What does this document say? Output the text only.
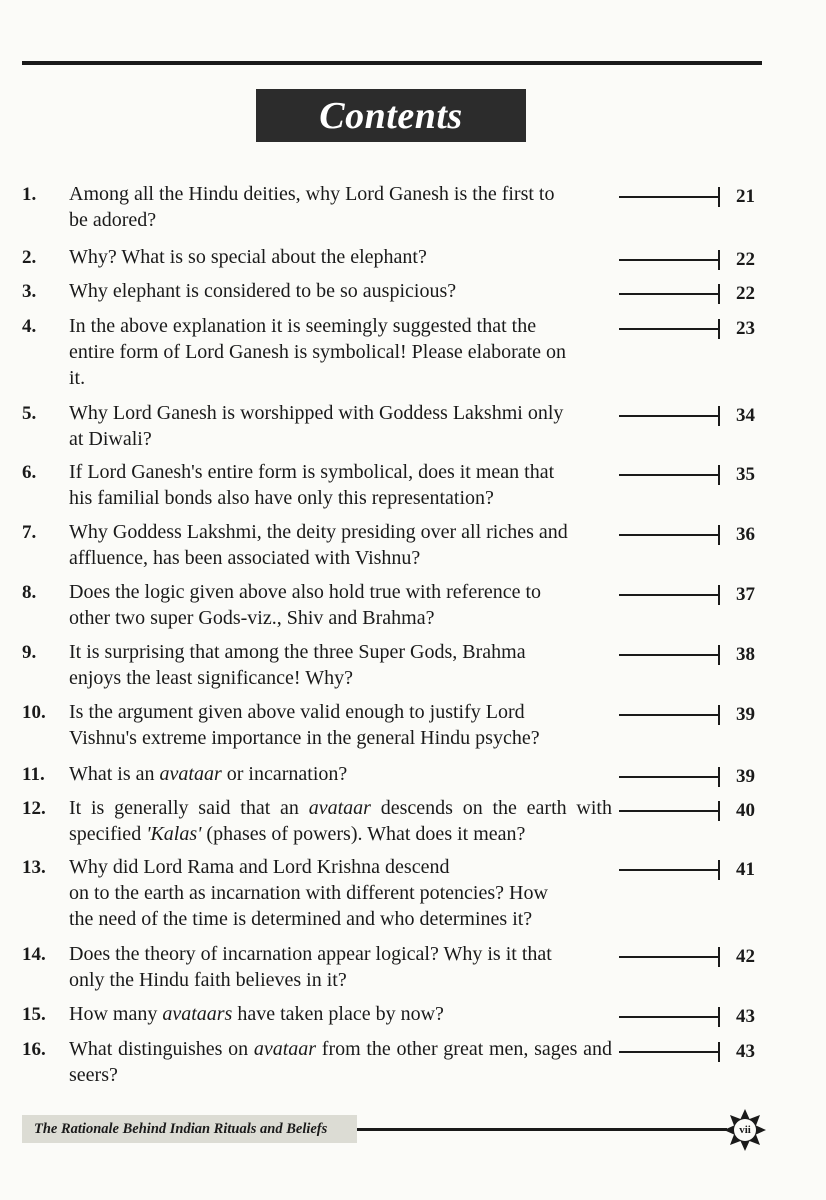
Contents
1.	Among all the Hindu deities, why Lord Ganesh is the first to
be adored?
21
2.	Why? What is so special about the elephant?	22
3.	Why elephant is considered to be so auspicious?	22
4.	In the above explanation it is seemingly suggested that the
entire form of Lord Ganesh is symbolical! Please elaborate on
it.
23
5.	Why Lord Ganesh is worshipped with Goddess Lakshmi only
at Diwali?
34
6.	If Lord Ganesh's entire form is symbolical, does it mean that
his familial bonds also have only this representation?
35
7.	Why Goddess Lakshmi, the deity presiding over all riches and
affluence, has been associated with Vishnu?
36
8.	Does the logic given above also hold true with reference to
other two super Gods-viz., Shiv and Brahma?
37
9.	It is surprising that among the three Super Gods, Brahma
enjoys the least significance! Why?
38
10.	Is the argument given above valid enough to justify Lord
Vishnu's extreme importance in the general Hindu psyche?
39
11.	What is an avataar or incarnation?	39
12.	It is generally said that an avataar descends on the earth with specified 'Kalas' (phases of powers). What does it mean?
40
13.	Why did Lord Rama and Lord Krishna descend
on to the earth as incarnation with different potencies? How
the need of the time is determined and who determines it?
41
14.	Does the theory of incarnation appear logical? Why is it that
only the Hindu faith believes in it?
42
15.	How many avataars have taken place by now?	43
16.	What distinguishes on avataar from the other great men, sages and seers?
43
The Rationale Behind Indian Rituals and Beliefs	vii
